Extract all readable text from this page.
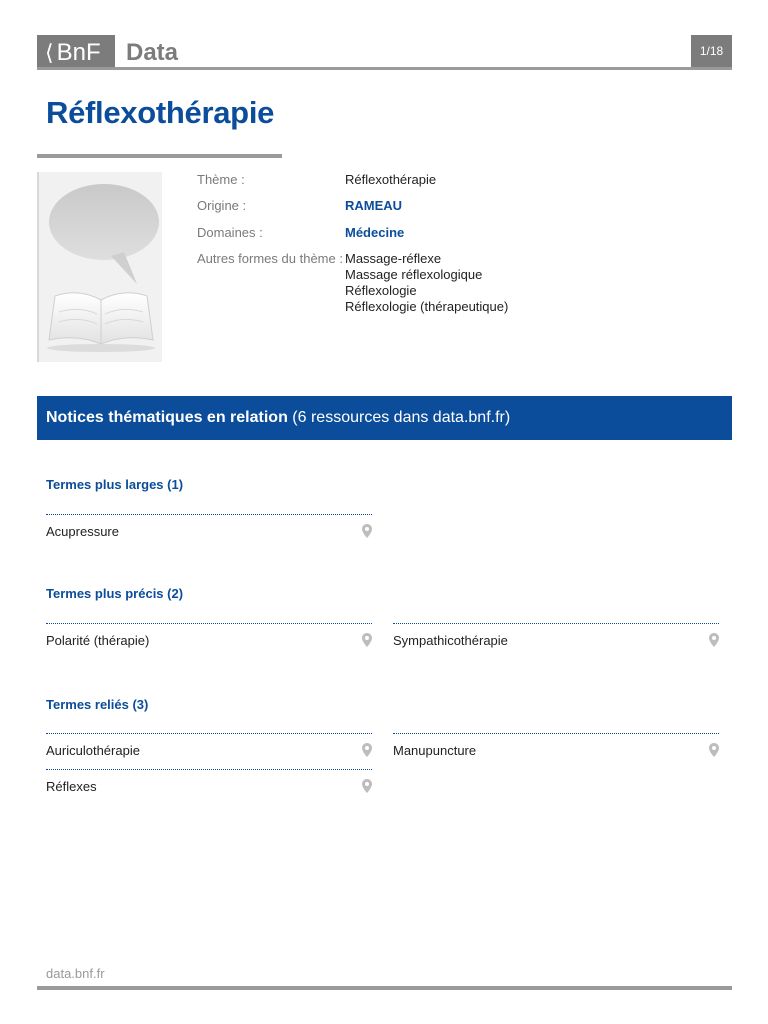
⟨ BnF	Data	1/18
Réflexothérapie
Thème :	Réflexothérapie
Origine :	RAMEAU
Domaines :	Médecine
Autres formes du thème : Massage-réflexe
Massage réflexologique
Réflexologie
Réflexologie (thérapeutique)
Notices thématiques en relation (6 ressources dans data.bnf.fr)
Termes plus larges (1)
Acupressure
Termes plus précis (2)
Polarité (thérapie)	Sympathicothérapie
Termes reliés (3)
Auriculothérapie	Manupuncture
Réflexes
data.bnf.fr
